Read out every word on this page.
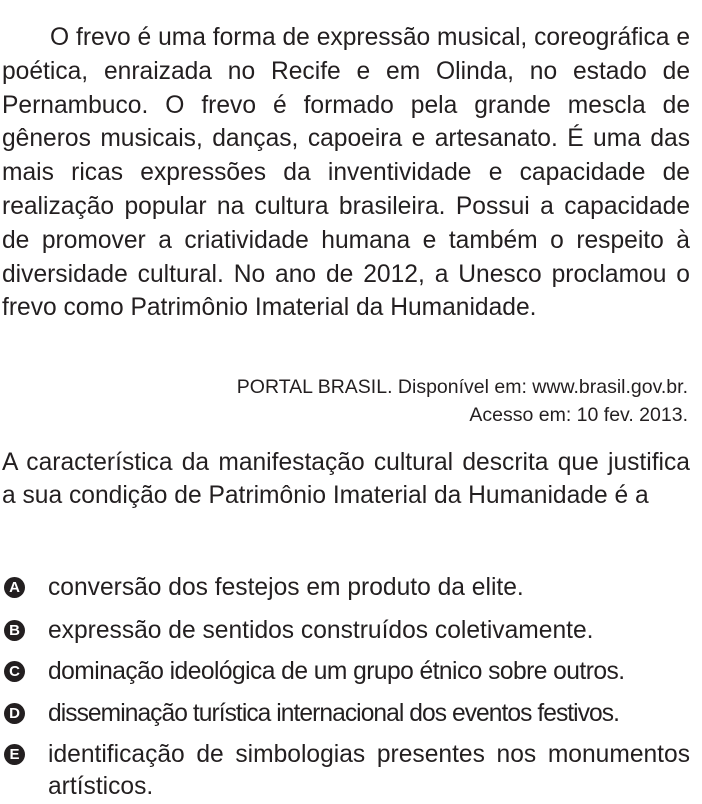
O frevo é uma forma de expressão musical, coreográfica e poética, enraizada no Recife e em Olinda, no estado de Pernambuco. O frevo é formado pela grande mescla de gêneros musicais, danças, capoeira e artesanato. É uma das mais ricas expressões da inventividade e capacidade de realização popular na cultura brasileira. Possui a capacidade de promover a criatividade humana e também o respeito à diversidade cultural. No ano de 2012, a Unesco proclamou o frevo como Patrimônio Imaterial da Humanidade.

PORTAL BRASIL. Disponível em: www.brasil.gov.br.
Acesso em: 10 fev. 2013.

A característica da manifestação cultural descrita que justifica a sua condição de Patrimônio Imaterial da Humanidade é a

A conversão dos festejos em produto da elite.
B expressão de sentidos construídos coletivamente.
C dominação ideológica de um grupo étnico sobre outros.
D disseminação turística internacional dos eventos festivos.
E identificação de simbologias presentes nos monumentos artísticos.
